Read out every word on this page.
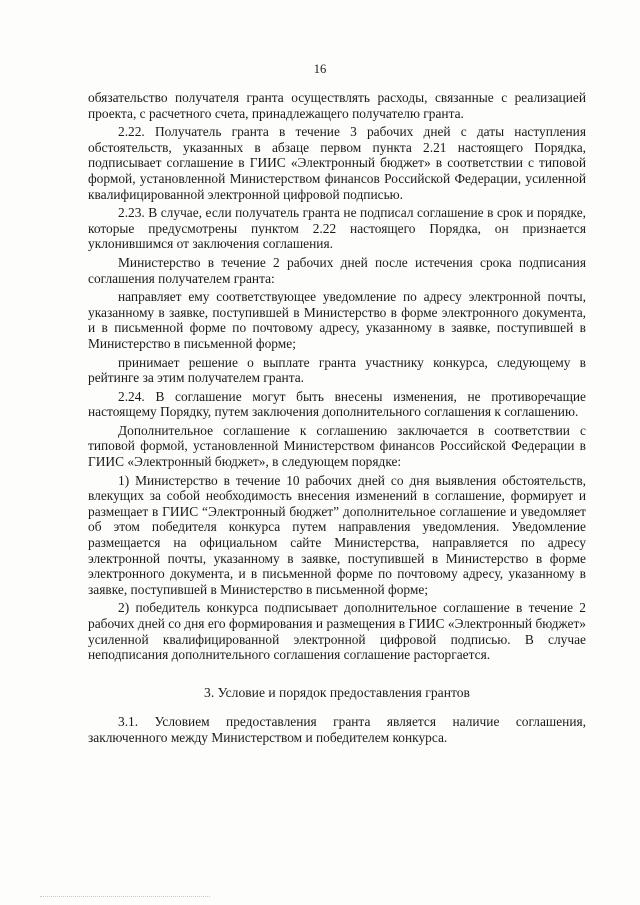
16

обязательство получателя гранта осуществлять расходы, связанные с реализацией проекта, с расчетного счета, принадлежащего получателю гранта.

2.22. Получатель гранта в течение 3 рабочих дней с даты наступления обстоятельств, указанных в абзаце первом пункта 2.21 настоящего Порядка, подписывает соглашение в ГИИС «Электронный бюджет» в соответствии с типовой формой, установленной Министерством финансов Российской Федерации, усиленной квалифицированной электронной цифровой подписью.

2.23. В случае, если получатель гранта не подписал соглашение в срок и порядке, которые предусмотрены пунктом 2.22 настоящего Порядка, он признается уклонившимся от заключения соглашения.

Министерство в течение 2 рабочих дней после истечения срока подписания соглашения получателем гранта:

направляет ему соответствующее уведомление по адресу электронной почты, указанному в заявке, поступившей в Министерство в форме электронного документа, и в письменной форме по почтовому адресу, указанному в заявке, поступившей в Министерство в письменной форме;

принимает решение о выплате гранта участнику конкурса, следующему в рейтинге за этим получателем гранта.

2.24. В соглашение могут быть внесены изменения, не противоречащие настоящему Порядку, путем заключения дополнительного соглашения к соглашению.

Дополнительное соглашение к соглашению заключается в соответствии с типовой формой, установленной Министерством финансов Российской Федерации в ГИИС «Электронный бюджет», в следующем порядке:

1) Министерство в течение 10 рабочих дней со дня выявления обстоятельств, влекущих за собой необходимость внесения изменений в соглашение, формирует и размещает в ГИИС “Электронный бюджет” дополнительное соглашение и уведомляет об этом победителя конкурса путем направления уведомления. Уведомление размещается на официальном сайте Министерства, направляется по адресу электронной почты, указанному в заявке, поступившей в Министерство в форме электронного документа, и в письменной форме по почтовому адресу, указанному в заявке, поступившей в Министерство в письменной форме;

2) победитель конкурса подписывает дополнительное соглашение в течение 2 рабочих дней со дня его формирования и размещения в ГИИС «Электронный бюджет» усиленной квалифицированной электронной цифровой подписью. В случае неподписания дополнительного соглашения соглашение расторгается.

3. Условие и порядок предоставления грантов

3.1. Условием предоставления гранта является наличие соглашения, заключенного между Министерством и победителем конкурса.
